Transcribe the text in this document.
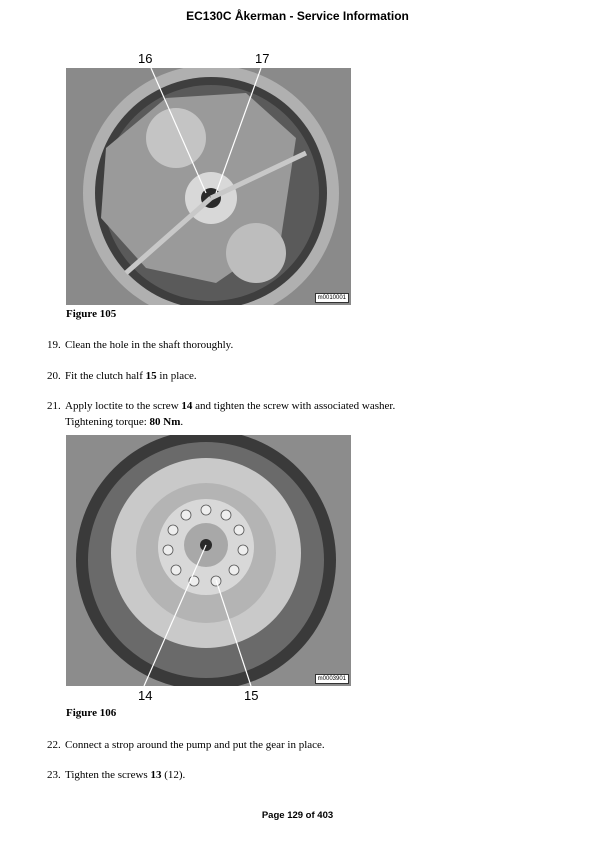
EC130C Åkerman - Service Information
16	17
m0010001
Figure 105
19. Clean the hole in the shaft thoroughly.
20. Fit the clutch half 15 in place.
21. Apply loctite to the screw 14 and tighten the screw with associated washer.
Tightening torque: 80 Nm.
m0003901
14	15
Figure 106
22. Connect a strop around the pump and put the gear in place.
23. Tighten the screws 13 (12).
Page 129 of 403
